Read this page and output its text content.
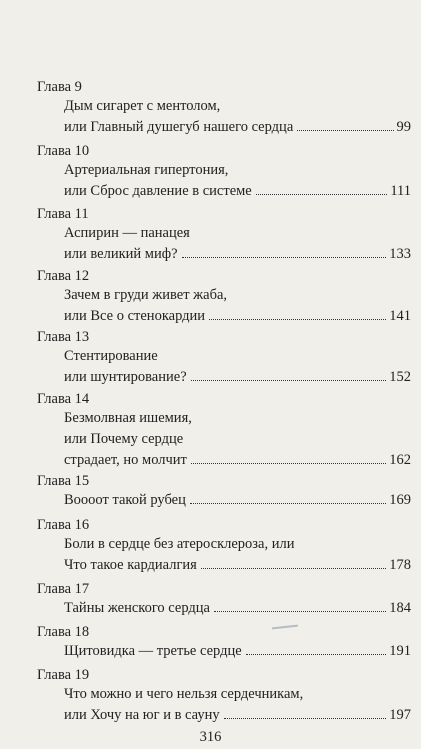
Глава 9
Дым сигарет с ментолом,
или Главный душегуб нашего сердца	99
Глава 10
Артериальная гипертония,
или Сброс давление в системе	111
Глава 11
Аспирин — панацея
или великий миф?	133
Глава 12
Зачем в груди живет жаба,
или Все о стенокардии	141
Глава 13
Стентирование
или шунтирование?	152
Глава 14
Безмолвная ишемия,
или Почему сердце
страдает, но молчит	162
Глава 15
Воооот такой рубец	169
Глава 16
Боли в сердце без атеросклероза, или
Что такое кардиалгия	178
Глава 17
Тайны женского сердца	184
Глава 18
Щитовидка — третье сердце	191
Глава 19
Что можно и чего нельзя сердечникам,
или Хочу на юг и в сауну	197
316
